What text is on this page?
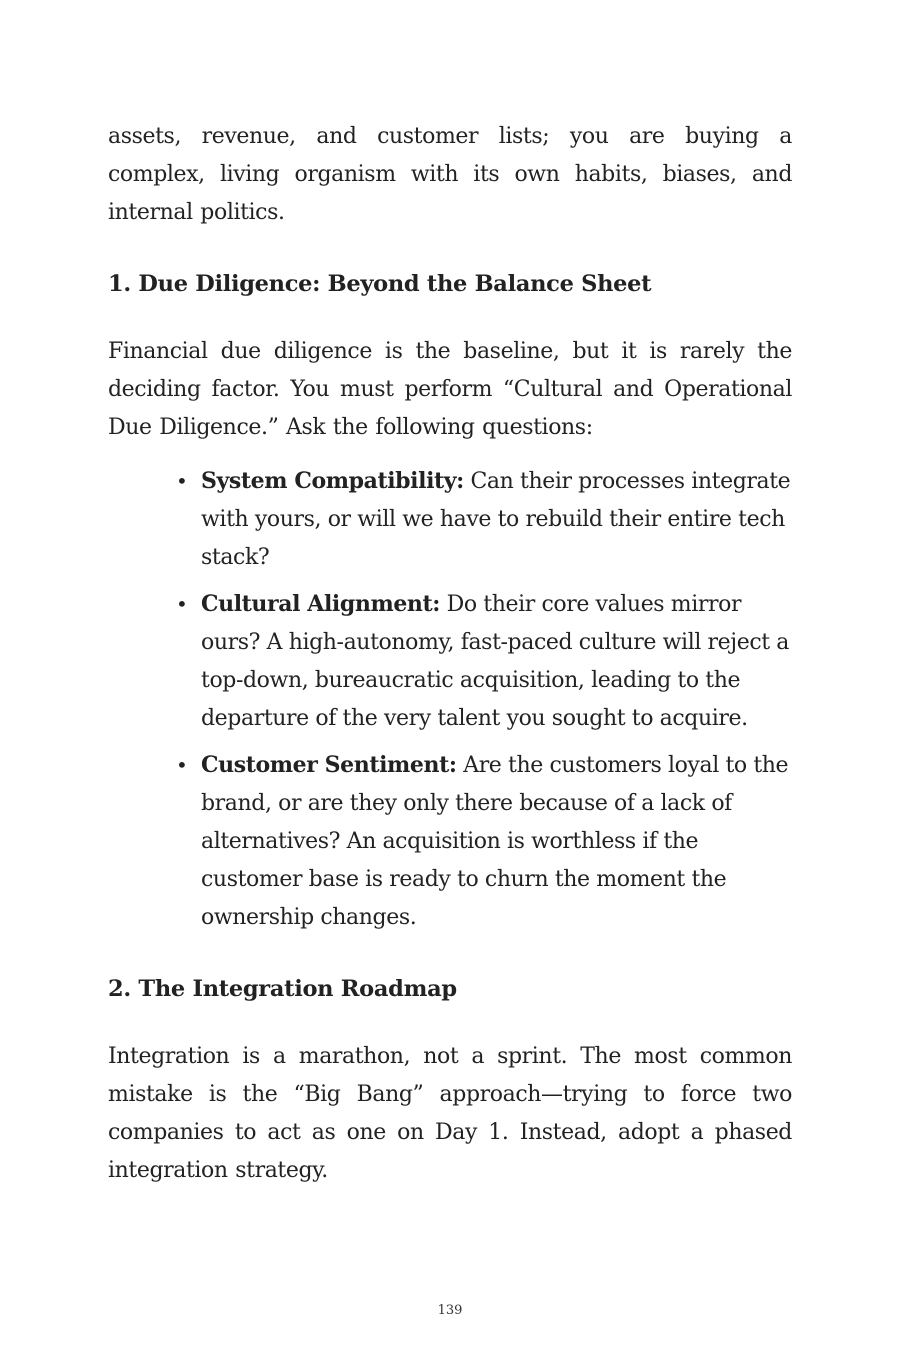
assets, revenue, and customer lists; you are buying a complex, living organism with its own habits, biases, and internal politics.

1. Due Diligence: Beyond the Balance Sheet

Financial due diligence is the baseline, but it is rarely the deciding factor. You must perform “Cultural and Operational Due Diligence.” Ask the following questions:

• System Compatibility: Can their processes integrate with yours, or will we have to rebuild their entire tech stack?
• Cultural Alignment: Do their core values mirror ours? A high-autonomy, fast-paced culture will reject a top-down, bureaucratic acquisition, leading to the departure of the very talent you sought to acquire.
• Customer Sentiment: Are the customers loyal to the brand, or are they only there because of a lack of alternatives? An acquisition is worthless if the customer base is ready to churn the moment the ownership changes.
2. The Integration Roadmap

Integration is a marathon, not a sprint. The most common mistake is the “Big Bang” approach—trying to force two companies to act as one on Day 1. Instead, adopt a phased integration strategy.

139
